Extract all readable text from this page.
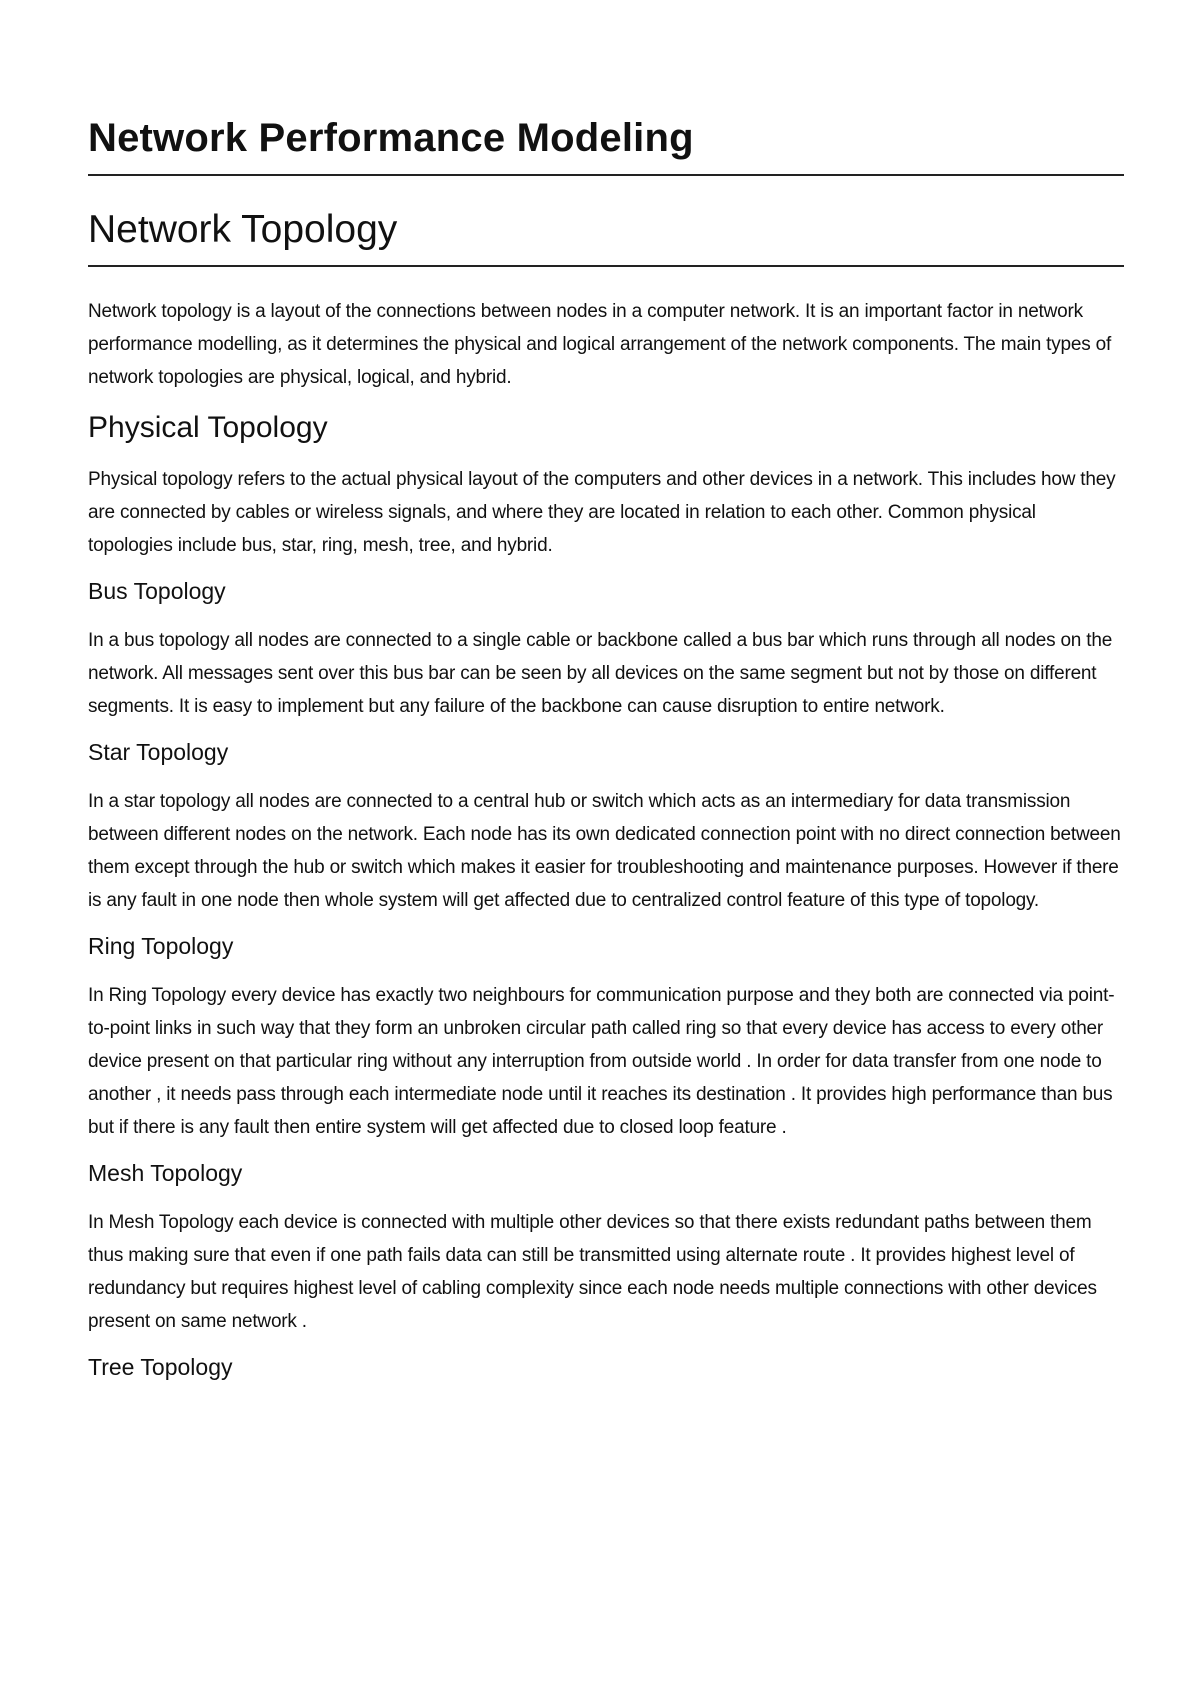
Network Performance Modeling
Network Topology

Network topology is a layout of the connections between nodes in a computer network. It is an important factor in network performance modelling, as it determines the physical and logical arrangement of the network components. The main types of network topologies are physical, logical, and hybrid.

Physical Topology

Physical topology refers to the actual physical layout of the computers and other devices in a network. This includes how they are connected by cables or wireless signals, and where they are located in relation to each other. Common physical topologies include bus, star, ring, mesh, tree, and hybrid.

Bus Topology

In a bus topology all nodes are connected to a single cable or backbone called a bus bar which runs through all nodes on the network. All messages sent over this bus bar can be seen by all devices on the same segment but not by those on different segments. It is easy to implement but any failure of the backbone can cause disruption to entire network.

Star Topology

In a star topology all nodes are connected to a central hub or switch which acts as an intermediary for data transmission between different nodes on the network. Each node has its own dedicated connection point with no direct connection between them except through the hub or switch which makes it easier for troubleshooting and maintenance purposes. However if there is any fault in one node then whole system will get affected due to centralized control feature of this type of topology.

Ring Topology

In Ring Topology every device has exactly two neighbours for communication purpose and they both are connected via point-to-point links in such way that they form an unbroken circular path called ring so that every device has access to every other device present on that particular ring without any interruption from outside world . In order for data transfer from one node to another , it needs pass through each intermediate node until it reaches its destination . It provides high performance than bus but if there is any fault then entire system will get affected due to closed loop feature .

Mesh Topology

In Mesh Topology each device is connected with multiple other devices so that there exists redundant paths between them thus making sure that even if one path fails data can still be transmitted using alternate route . It provides highest level of redundancy but requires highest level of cabling complexity since each node needs multiple connections with other devices present on same network .

Tree Topology
